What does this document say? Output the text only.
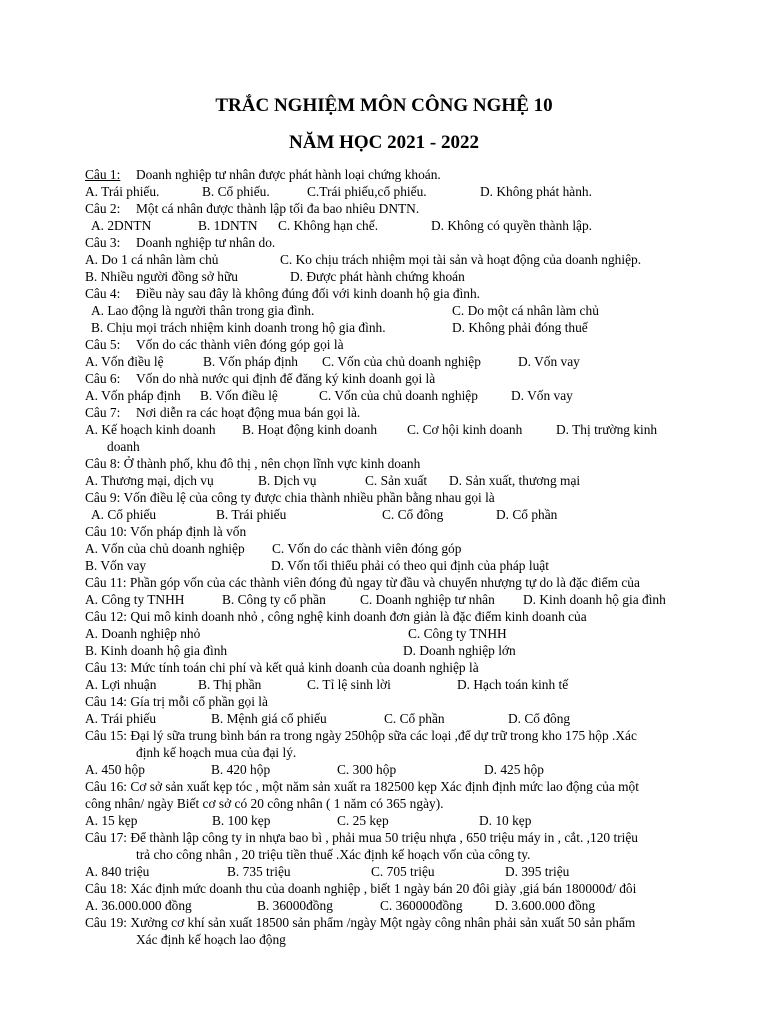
TRẮC NGHIỆM MÔN CÔNG NGHỆ 10
NĂM HỌC 2021 - 2022
Câu 1: Doanh nghiệp tư nhân được phát hành loại chứng khoán.
A. Trái phiếu.	B. Cổ phiếu.	C.Trái phiếu,cổ phiếu.	D. Không phát hành.
Câu 2: Một cá nhân được thành lập tối đa bao nhiêu DNTN.
A. 2DNTN	B. 1DNTN C. Không hạn chế.	D. Không có quyền thành lập.
Câu 3: Doanh nghiệp tư nhân do.
A. Do 1 cá nhân làm chủ	C. Ko chịu trách nhiệm mọi tài sản và hoạt động của doanh nghiệp.
B. Nhiều người đồng sở hữu	D. Được phát hành chứng khoán
Câu 4: Điều này sau đây là không đúng đối với kinh doanh hộ gia đình.
A. Lao động là người thân trong gia đình.	C. Do một cá nhân làm chủ
B. Chịu mọi trách nhiệm kinh doanh trong hộ gia đình.	D. Không phải đóng thuế
Câu 5: Vốn do các thành viên đóng góp gọi là
A. Vốn điều lệ	B. Vốn pháp định C. Vốn của chủ doanh nghiệp	D. Vốn vay
Câu 6: Vốn do nhà nước qui định để đăng ký kinh doanh gọi là
A. Vốn pháp định B. Vốn điều lệ	C. Vốn của chủ doanh nghiệp D. Vốn vay
Câu 7: Nơi diễn ra các hoạt động mua bán gọi là.
A. Kế hoạch kinh doanh B. Hoạt động kinh doanh C. Cơ hội kinh doanh	D. Thị trường kinh
doanh
Câu 8: Ở thành phố, khu đô thị , nên chọn lĩnh vực kinh doanh
A. Thương mại, dịch vụ	B. Dịch vụ	C. Sản xuất D. Sản xuất, thương mại
Câu 9: Vốn điều lệ của công ty được chia thành nhiều phần bằng nhau gọi là
A. Cổ phiếu	B. Trái phiếu	C. Cổ đông	D. Cổ phần
Câu 10: Vốn pháp định là vốn
A. Vốn của chủ doanh nghiệp C. Vốn do các thành viên đóng góp
B. Vốn vay	D. Vốn tối thiểu phải có theo qui định của pháp luật
Câu 11: Phần góp vốn của các thành viên đóng đủ ngay từ đầu và chuyển nhượng tự do là đặc điểm của
A. Công ty TNHH	B. Công ty cổ phần	C. Doanh nghiệp tư nhân D. Kinh doanh hộ gia đình
Câu 12: Qui mô kinh doanh nhỏ , công nghệ kinh doanh đơn giản là đặc điểm kinh doanh của
A. Doanh nghiệp nhỏ	C. Công ty TNHH
B. Kinh doanh hộ gia đình	D. Doanh nghiệp lớn
Câu 13: Mức tính toán chi phí và kết quả kinh doanh của doanh nghiệp là
A. Lợi nhuận	B. Thị phần	C. Tỉ lệ sinh lời	D. Hạch toán kinh tế
Câu 14: Gía trị mỗi cổ phần gọi là
A. Trái phiếu	B. Mệnh giá cổ phiếu	C. Cổ phần	D. Cổ đông
Câu 15: Đại lý sữa trung bình bán ra trong ngày 250hộp sữa các loại ,để dự trữ trong kho 175 hộp .Xác
định kế hoạch mua của đại lý.
A. 450 hộp	B. 420 hộp	C. 300 hộp	D. 425 hộp
Câu 16: Cơ sở sản xuất kẹp tóc , một năm sản xuất ra 182500 kẹp Xác định định mức lao động của một
công nhân/ ngày Biết cơ sở có 20 công nhân ( 1 năm có 365 ngày).
A. 15 kẹp	B. 100 kẹp	C. 25 kẹp	D. 10 kẹp
Câu 17: Để thành lập công ty in nhựa bao bì , phải mua 50 triệu nhựa , 650 triệu máy in , cắt. ,120 triệu
trả cho công nhân , 20 triệu tiền thuế .Xác định kế hoạch vốn của công ty.
A. 840 triệu	B. 735 triệu	C. 705 triệu	D. 395 triệu
Câu 18: Xác định mức doanh thu của doanh nghiệp , biết 1 ngày bán 20 đôi giày ,giá bán 180000đ/ đôi
A. 36.000.000 đồng	B. 36000đồng	C. 360000đồng D. 3.600.000 đồng
Câu 19: Xưởng cơ khí sản xuất 18500 sản phẩm /ngày Một ngày công nhân phải sản xuất 50 sản phẩm
Xác định kế hoạch lao động
